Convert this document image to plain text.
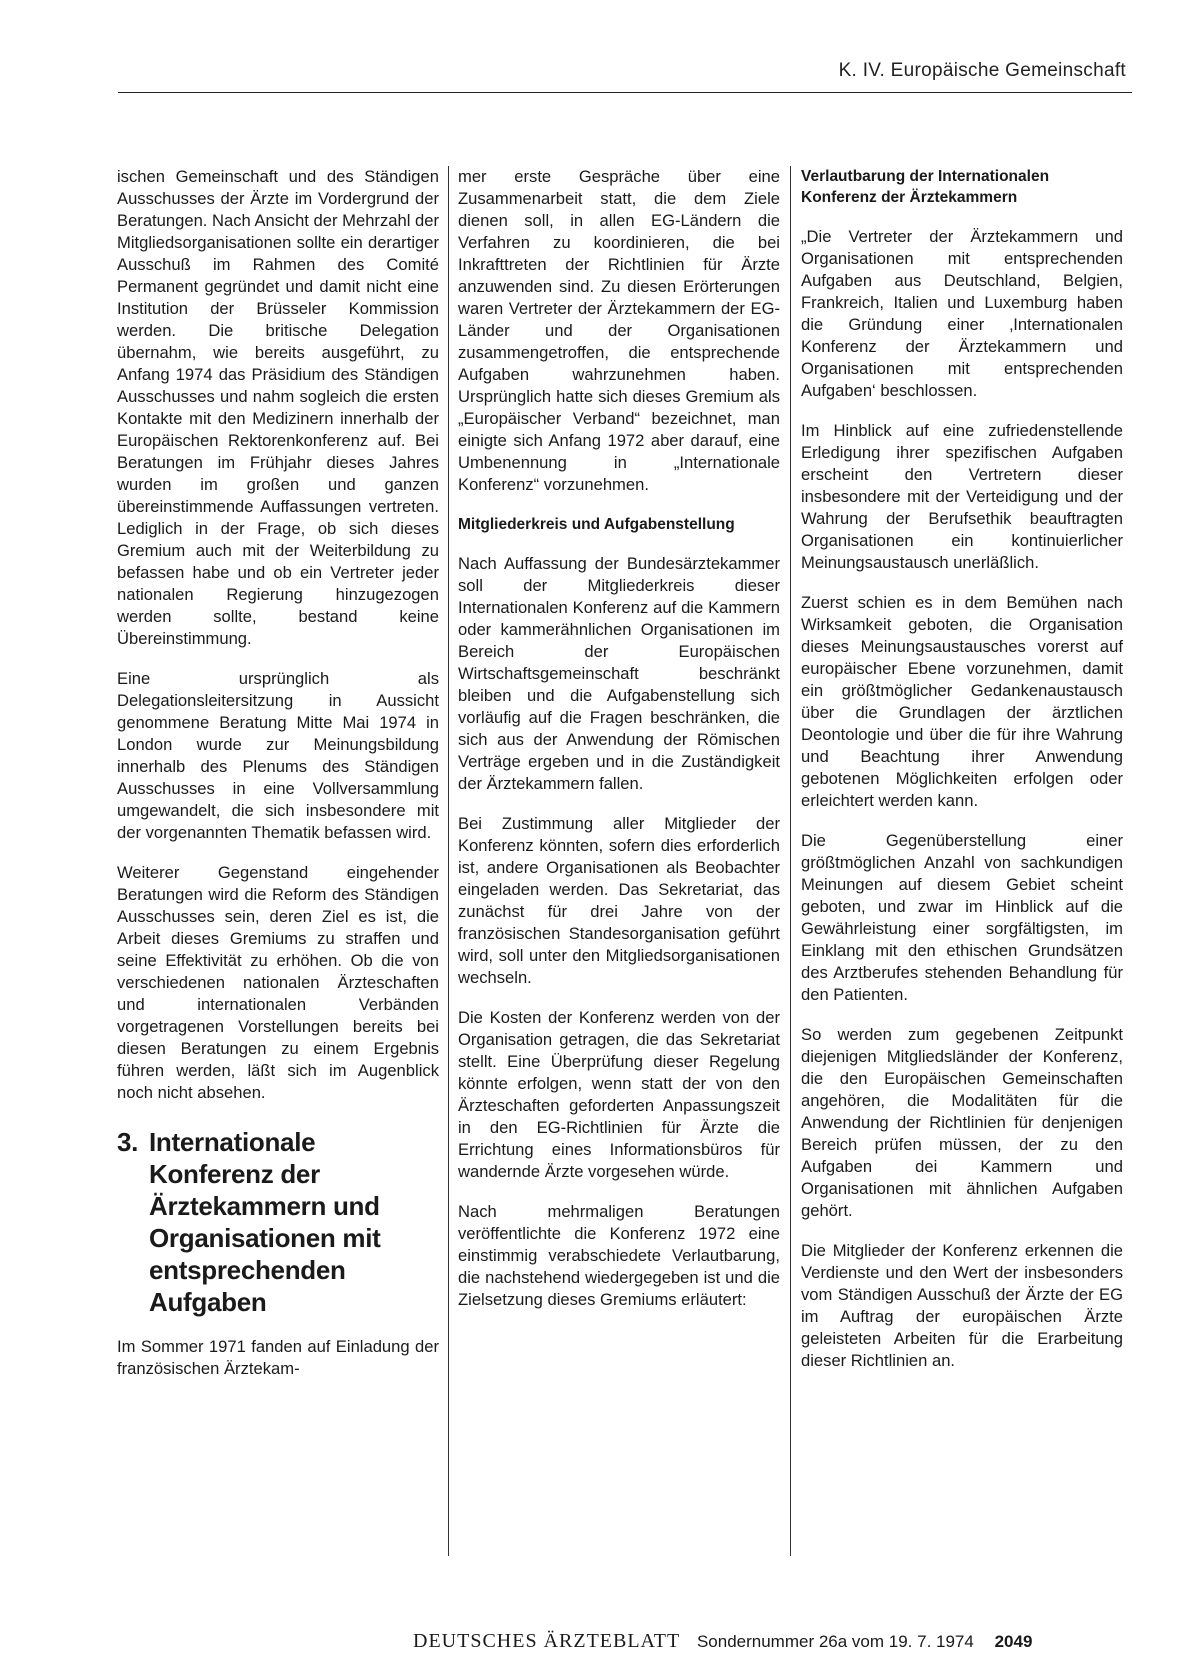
K. IV. Europäische Gemeinschaft

ischen Gemeinschaft und des Ständigen Ausschusses der Ärzte im Vordergrund der Beratungen. Nach Ansicht der Mehrzahl der Mitgliedsorganisationen sollte ein derartiger Ausschuß im Rahmen des Comité Permanent gegründet und damit nicht eine Institution der Brüsseler Kommission werden. Die britische Delegation übernahm, wie bereits ausgeführt, zu Anfang 1974 das Präsidium des Ständigen Ausschusses und nahm sogleich die ersten Kontakte mit den Medizinern innerhalb der Europäischen Rektorenkonferenz auf. Bei Beratungen im Frühjahr dieses Jahres wurden im großen und ganzen übereinstimmende Auffassungen vertreten. Lediglich in der Frage, ob sich dieses Gremium auch mit der Weiterbildung zu befassen habe und ob ein Vertreter jeder nationalen Regierung hinzugezogen werden sollte, bestand keine Übereinstimmung.

Eine ursprünglich als Delegationsleitersitzung in Aussicht genommene Beratung Mitte Mai 1974 in London wurde zur Meinungsbildung innerhalb des Plenums des Ständigen Ausschusses in eine Vollversammlung umgewandelt, die sich insbesondere mit der vorgenannten Thematik befassen wird.

Weiterer Gegenstand eingehender Beratungen wird die Reform des Ständigen Ausschusses sein, deren Ziel es ist, die Arbeit dieses Gremiums zu straffen und seine Effektivität zu erhöhen. Ob die von verschiedenen nationalen Ärzteschaften und internationalen Verbänden vorgetragenen Vorstellungen bereits bei diesen Beratungen zu einem Ergebnis führen werden, läßt sich im Augenblick noch nicht absehen.

3. Internationale Konferenz der Ärztekammern und Organisationen mit entsprechenden Aufgaben

Im Sommer 1971 fanden auf Einladung der französischen Ärztekam-

mer erste Gespräche über eine Zusammenarbeit statt, die dem Ziele dienen soll, in allen EG-Ländern die Verfahren zu koordinieren, die bei Inkrafttreten der Richtlinien für Ärzte anzuwenden sind. Zu diesen Erörterungen waren Vertreter der Ärztekammern der EG-Länder und der Organisationen zusammengetroffen, die entsprechende Aufgaben wahrzunehmen haben. Ursprünglich hatte sich dieses Gremium als „Europäischer Verband“ bezeichnet, man einigte sich Anfang 1972 aber darauf, eine Umbenennung in „Internationale Konferenz“ vorzunehmen.

Mitgliederkreis und Aufgabenstellung

Nach Auffassung der Bundesärztekammer soll der Mitgliederkreis dieser Internationalen Konferenz auf die Kammern oder kammerähnlichen Organisationen im Bereich der Europäischen Wirtschaftsgemeinschaft beschränkt bleiben und die Aufgabenstellung sich vorläufig auf die Fragen beschränken, die sich aus der Anwendung der Römischen Verträge ergeben und in die Zuständigkeit der Ärztekammern fallen.

Bei Zustimmung aller Mitglieder der Konferenz könnten, sofern dies erforderlich ist, andere Organisationen als Beobachter eingeladen werden. Das Sekretariat, das zunächst für drei Jahre von der französischen Standesorganisation geführt wird, soll unter den Mitgliedsorganisationen wechseln.

Die Kosten der Konferenz werden von der Organisation getragen, die das Sekretariat stellt. Eine Überprüfung dieser Regelung könnte erfolgen, wenn statt der von den Ärzteschaften geforderten Anpassungszeit in den EG-Richtlinien für Ärzte die Errichtung eines Informationsbüros für wandernde Ärzte vorgesehen würde.

Nach mehrmaligen Beratungen veröffentlichte die Konferenz 1972 eine einstimmig verabschiedete Verlautbarung, die nachstehend wiedergegeben ist und die Zielsetzung dieses Gremiums erläutert:

Verlautbarung der Internationalen Konferenz der Ärztekammern

„Die Vertreter der Ärztekammern und Organisationen mit entsprechenden Aufgaben aus Deutschland, Belgien, Frankreich, Italien und Luxemburg haben die Gründung einer ‚Internationalen Konferenz der Ärztekammern und Organisationen mit entsprechenden Aufgaben‘ beschlossen.

Im Hinblick auf eine zufriedenstellende Erledigung ihrer spezifischen Aufgaben erscheint den Vertretern dieser insbesondere mit der Verteidigung und der Wahrung der Berufsethik beauftragten Organisationen ein kontinuierlicher Meinungsaustausch unerläßlich.

Zuerst schien es in dem Bemühen nach Wirksamkeit geboten, die Organisation dieses Meinungsaustausches vorerst auf europäischer Ebene vorzunehmen, damit ein größtmöglicher Gedankenaustausch über die Grundlagen der ärztlichen Deontologie und über die für ihre Wahrung und Beachtung ihrer Anwendung gebotenen Möglichkeiten erfolgen oder erleichtert werden kann.

Die Gegenüberstellung einer größtmöglichen Anzahl von sachkundigen Meinungen auf diesem Gebiet scheint geboten, und zwar im Hinblick auf die Gewährleistung einer sorgfältigsten, im Einklang mit den ethischen Grundsätzen des Arztberufes stehenden Behandlung für den Patienten.

So werden zum gegebenen Zeitpunkt diejenigen Mitgliedsländer der Konferenz, die den Europäischen Gemeinschaften angehören, die Modalitäten für die Anwendung der Richtlinien für denjenigen Bereich prüfen müssen, der zu den Aufgaben dei Kammern und Organisationen mit ähnlichen Aufgaben gehört.

Die Mitglieder der Konferenz erkennen die Verdienste und den Wert der insbesonders vom Ständigen Ausschuß der Ärzte der EG im Auftrag der europäischen Ärzte geleisteten Arbeiten für die Erarbeitung dieser Richtlinien an.

DEUTSCHES ÄRZTEBLATT Sondernummer 26a vom 19. 7. 1974 2049
